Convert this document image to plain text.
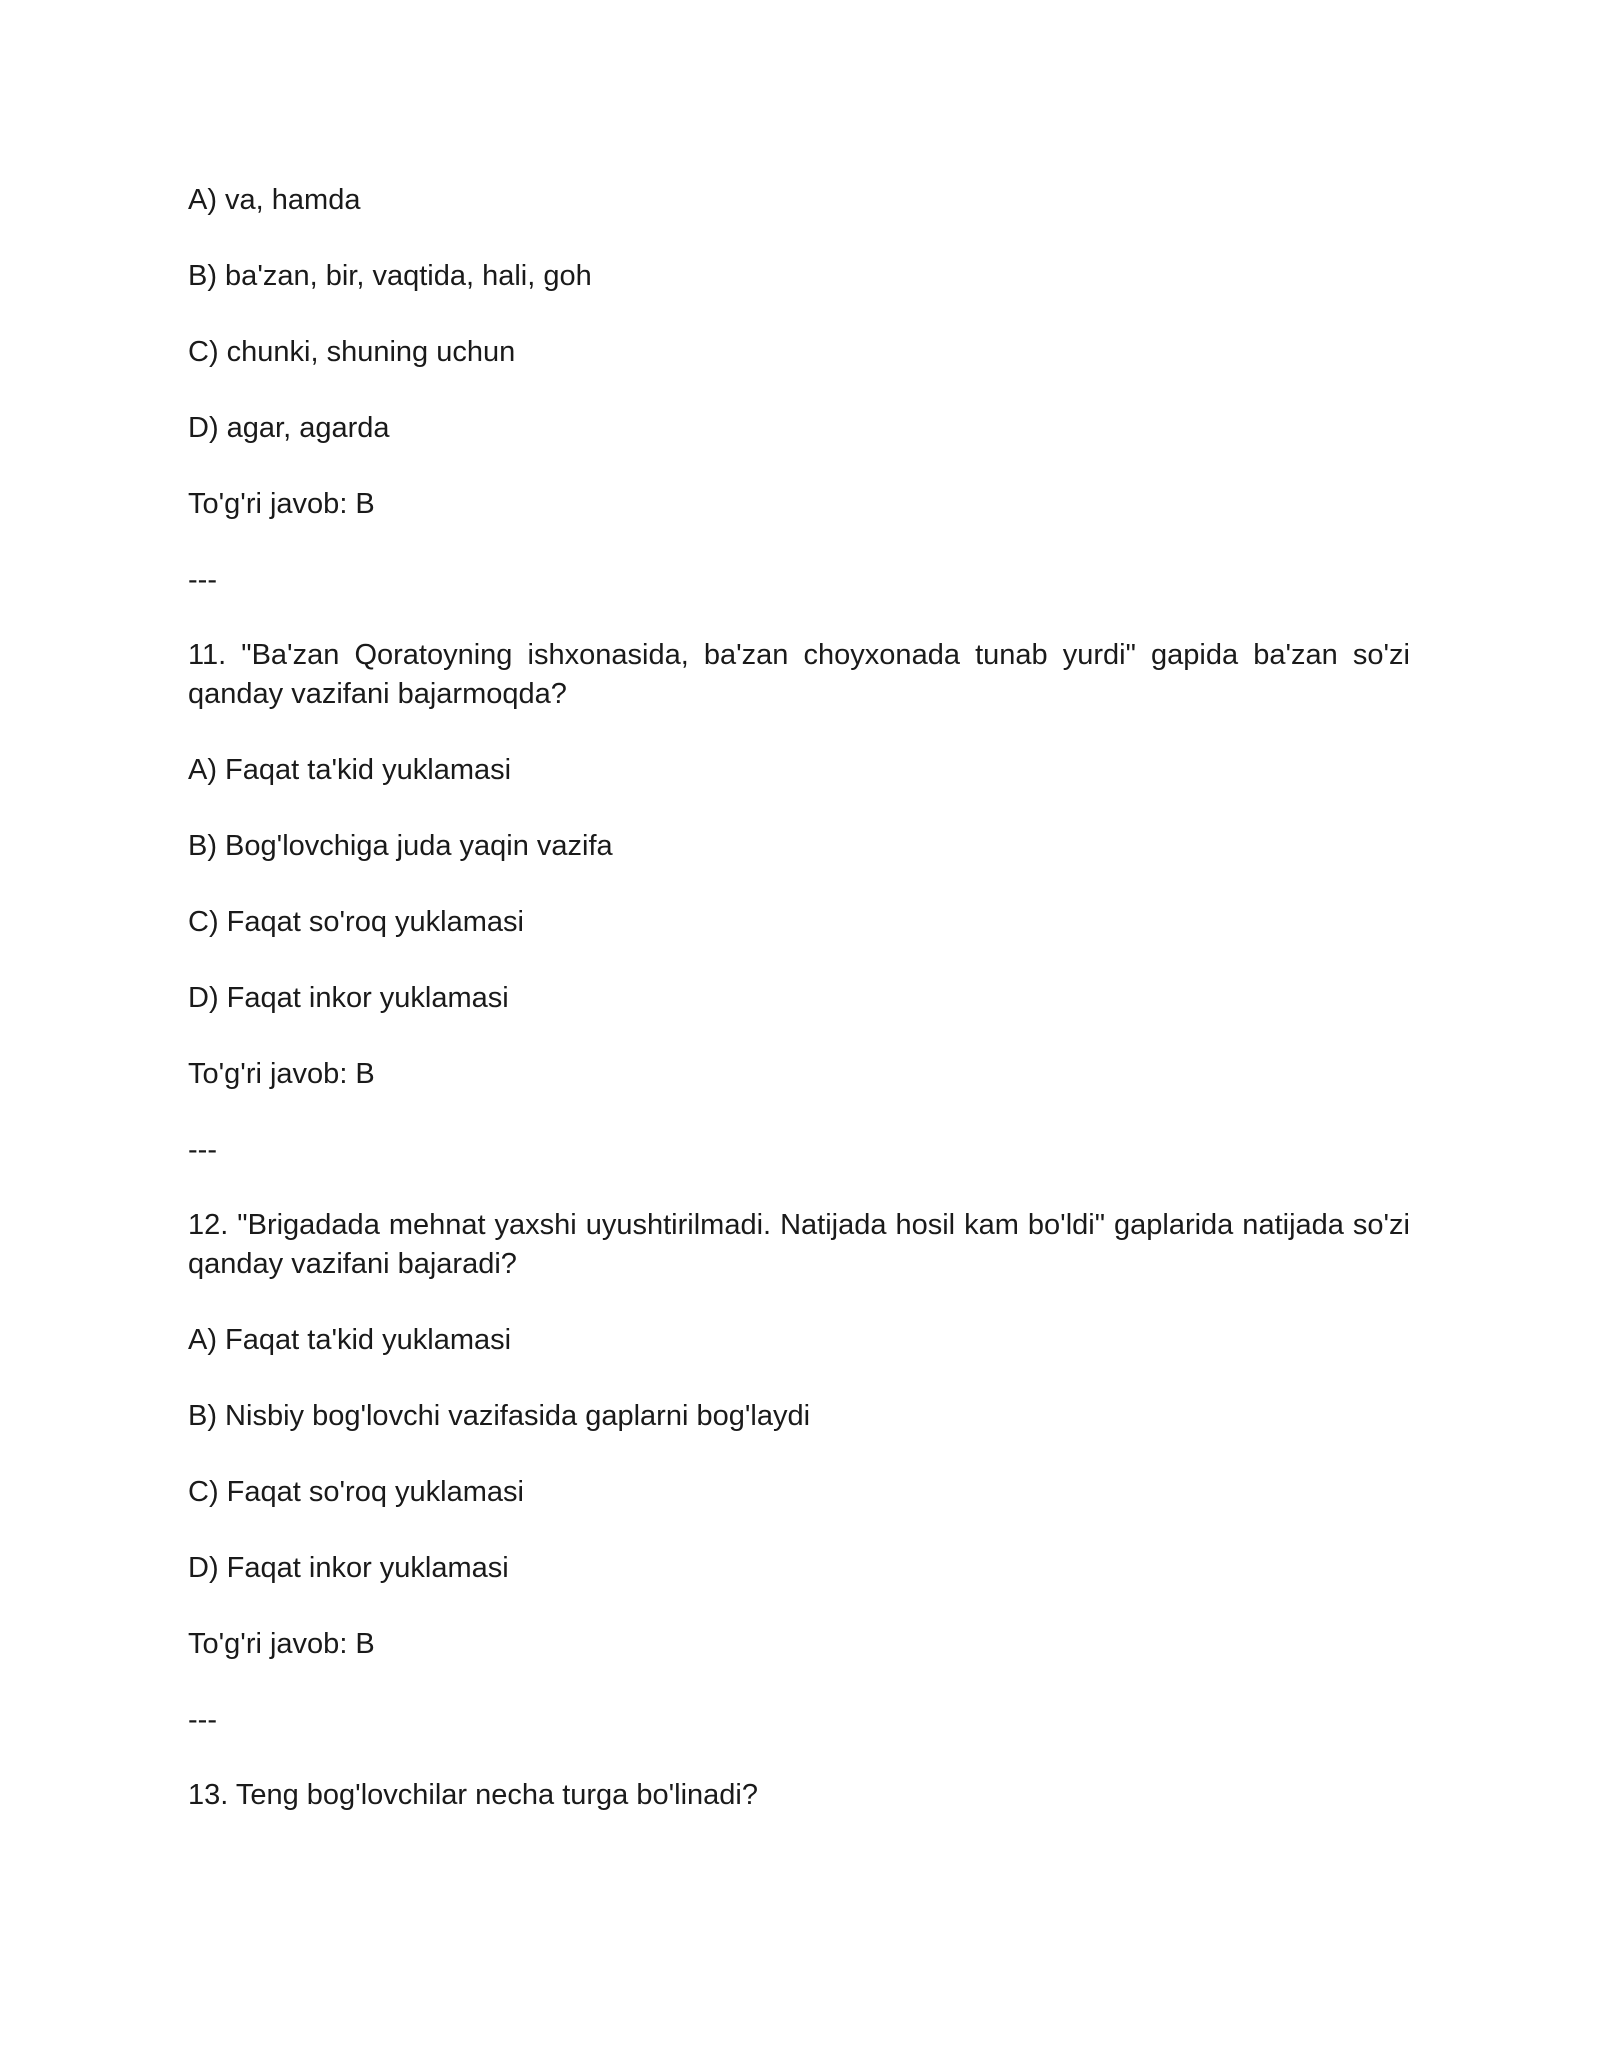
A) va, hamda

B) ba'zan, bir, vaqtida, hali, goh

C) chunki, shuning uchun

D) agar, agarda

To'g'ri javob: B

---

11. "Ba'zan Qoratoyning ishxonasida, ba'zan choyxonada tunab yurdi" gapida ba'zan so'zi qanday vazifani bajarmoqda?

A) Faqat ta'kid yuklamasi

B) Bog'lovchiga juda yaqin vazifa

C) Faqat so'roq yuklamasi

D) Faqat inkor yuklamasi

To'g'ri javob: B

---

12. "Brigadada mehnat yaxshi uyushtirilmadi. Natijada hosil kam bo'ldi" gaplarida natijada so'zi qanday vazifani bajaradi?

A) Faqat ta'kid yuklamasi

B) Nisbiy bog'lovchi vazifasida gaplarni bog'laydi

C) Faqat so'roq yuklamasi

D) Faqat inkor yuklamasi

To'g'ri javob: B

---

13. Teng bog'lovchilar necha turga bo'linadi?
